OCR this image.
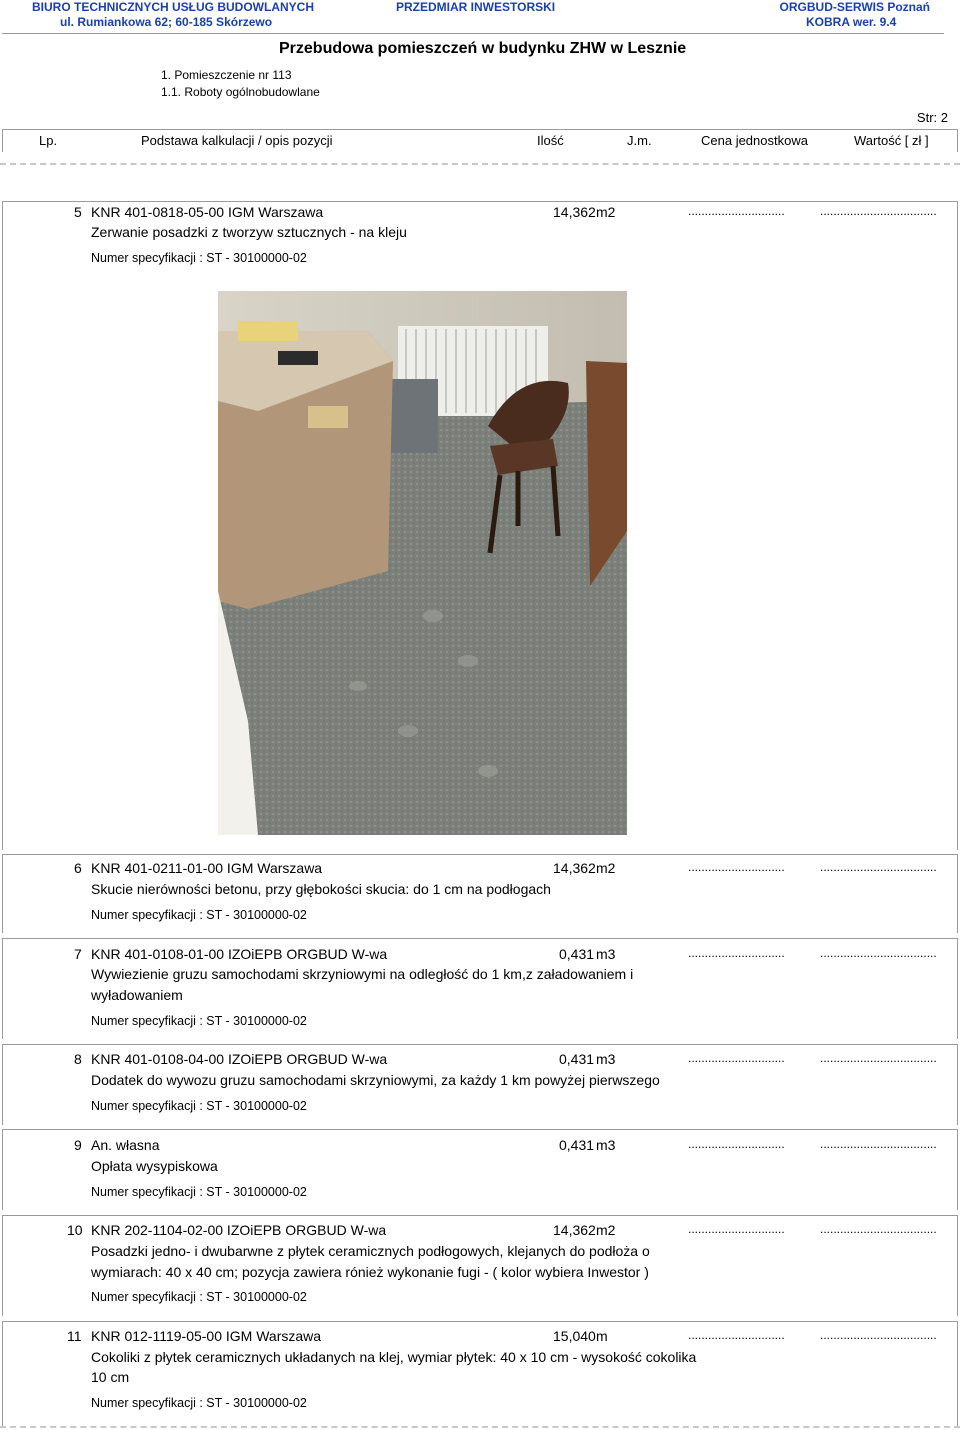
BIURO TECHNICZNYCH USŁUG BUDOWLANYCH
ul. Rumiankowa 62; 60-185 Skórzewo
PRZEDMIAR INWESTORSKI	ORGBUD-SERWIS Poznań
KOBRA wer. 9.4
Przebudowa pomieszczeń w budynku ZHW w Lesznie
1. Pomieszczenie nr 113
1.1. Roboty ogólnobudowlane
Str: 2
Lp.	Podstawa kalkulacji / opis pozycji	Ilość	J.m.	Cena jednostkowa	Wartość [ zł ]
5 KNR 401-0818-05-00 IGM Warszawa	14,362 m2	.............................	...................................
Zerwanie posadzki z tworzyw sztucznych - na kleju
Numer specyfikacji : ST - 30100000-02
6 KNR 401-0211-01-00 IGM Warszawa	14,362 m2	.............................	...................................
Skucie nierówności betonu, przy głębokości skucia: do 1 cm na podłogach
Numer specyfikacji : ST - 30100000-02
7 KNR 401-0108-01-00 IZOiEPB ORGBUD W-wa	0,431 m3	.............................	...................................
Wywiezienie gruzu samochodami skrzyniowymi na odległość do 1 km,z załadowaniem i
wyładowaniem
Numer specyfikacji : ST - 30100000-02
8 KNR 401-0108-04-00 IZOiEPB ORGBUD W-wa	0,431 m3	.............................	...................................
Dodatek do wywozu gruzu samochodami skrzyniowymi, za każdy 1 km powyżej pierwszego
Numer specyfikacji : ST - 30100000-02
9 An. własna	0,431 m3	.............................	...................................
Opłata wysypiskowa
Numer specyfikacji : ST - 30100000-02
10 KNR 202-1104-02-00 IZOiEPB ORGBUD W-wa	14,362 m2	.............................	...................................
Posadzki jedno- i dwubarwne z płytek ceramicznych podłogowych, klejanych do podłoża o
wymiarach: 40 x 40 cm; pozycja zawiera rónież wykonanie fugi - ( kolor wybiera Inwestor )
Numer specyfikacji : ST - 30100000-02
11 KNR 012-1119-05-00 IGM Warszawa	15,040 m	.............................	...................................
Cokoliki z płytek ceramicznych układanych na klej, wymiar płytek: 40 x 10 cm - wysokość cokolika
10 cm
Numer specyfikacji : ST - 30100000-02
